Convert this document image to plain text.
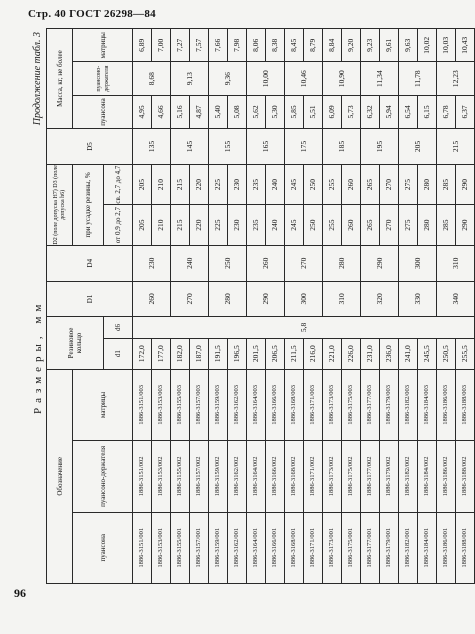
Стр. 40 ГОСТ 26298—84
96
Размеры, мм
Продолжение табл. 3
Обозначение			Резиновое кольцо		D1	D4	D2 (поле допуска H7) D3 (поле допуска h6)		D5	Масса, кг, не более		
пуансона	пуансоно-держателя	матрицы					при усадке резины, %			пуансона	пуансоно-держателя	матрицы
			d1	d6			от 0,9 до 2,7	св. 2,7 до 4,7				
1886-3151/001	1886-3151/002	1886-3151/003	172,0	5,8	260	230	205	205	135	4,95	8,68	6,89
1886-3153/001	1886-3153/002	1886-3153/003	177,0				210	210		4,66		7,00
1886-3155/001	1886-3155/002	1886-3155/003	182,0		270	240	215	215	145	5,16	9,13	7,27
1886-3157/001	1886-3157/002	1886-3157/003	187,0				220	220		4,87		7,57
1886-3159/001	1886-3159/002	1886-3159/003	191,5		280	250	225	225	155	5,40	9,36	7,66
1886-3162/001	1886-3162/002	1886-3162/003	196,5				230	230		5,08		7,98
1886-3164/001	1886-3164/002	1886-3164/003	201,5		290	260	235	235	165	5,62	10,00	8,06
1886-3166/001	1886-3166/002	1886-3166/003	206,5				240	240		5,30		8,38
1886-3168/001	1886-3168/002	1886-3168/003	211,5		300	270	245	245	175	5,85	10,46	8,45
1886-3171/001	1886-3171/002	1886-3171/003	216,0				250	250		5,51		8,79
1886-3173/001	1886-3173/002	1886-3173/003	221,0		310	280	255	255	185	6,09	10,90	8,84
1886-3175/001	1886-3175/002	1886-3175/003	226,0				260	260		5,73		9,20
1886-3177/001	1886-3177/002	1886-3177/003	231,0		320	290	265	265	195	6,32	11,34	9,23
1886-3179/001	1886-3179/002	1886-3179/003	236,0				270	270		5,94		9,61
1886-3182/001	1886-3182/002	1886-3182/003	241,0		330	300	275	275	205	6,54	11,78	9,63
1886-3184/001	1886-3184/002	1886-3184/003	245,5				280	280		6,15		10,02
1886-3186/001	1886-3186/002	1886-3186/003	250,5		340	310	285	285	215	6,78	12,23	10,03
1886-3188/001	1886-3188/002	1886-3188/003	255,5				290	290		6,37		10,43
